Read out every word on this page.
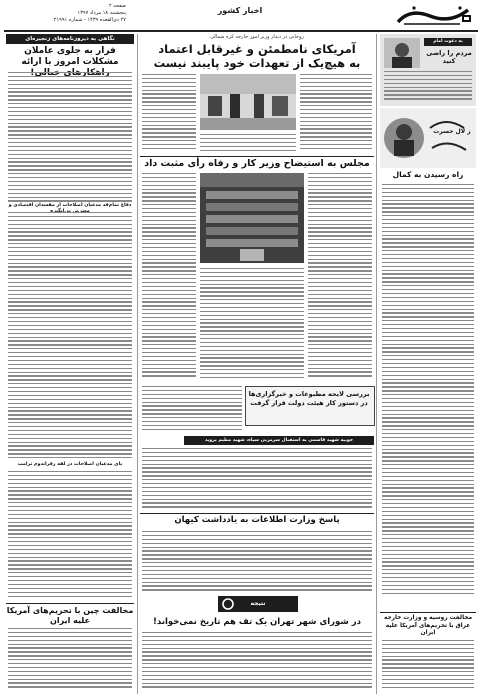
اخبار کشور
صفحه ۲
پنجشنبه ۱۸ مرداد ۱۳۹۷
۲۷ ذی‌القعده ۱۴۳۹ - شماره ۲۱۹۹۱
نگاهی به دیروزنامه‌های زنجیره‌ای
فرار به جلوی عاملان مشکلات امروز با ارائه
دفاع تمام‌قد مدعیان اصلاحات از مفسدان اقتصادی و
پای مدعیان اصلاحات در لقه رفراندوم ترامپ
مخالفت چین با تحریم‌های آمریکا علیه ایران
روحانی در دیدار وزیر امور خارجه کره شمالی
آمریکای نامطمئن و غیرقابل اعتماد
به هیچ‌یک از تعهدات خود پایبند نیست
مجلس به استیضاح وزیر کار و رفاه رأی مثبت داد
بررسی لایحه مطبوعات و خبرگزاری‌ها در دستور کار هیئت دولت قرار گرفت
جوبیه شهید قاسمی به استقبال سرمربی سپاه، شهید مطیم بروید
پاسخ وزارت اطلاعات به یادداشت کیهان
نتیجه
در شورای شهر تهران یک تف هم تاریخ نمی‌خواند!
به دعوت امام
مردم را راضی کنید
ز لال حسرت
راه رسیدن به کمال
مخالفت روسیه و وزارت خارجه عراق با تحریم‌های آمریکا علیه ایران
